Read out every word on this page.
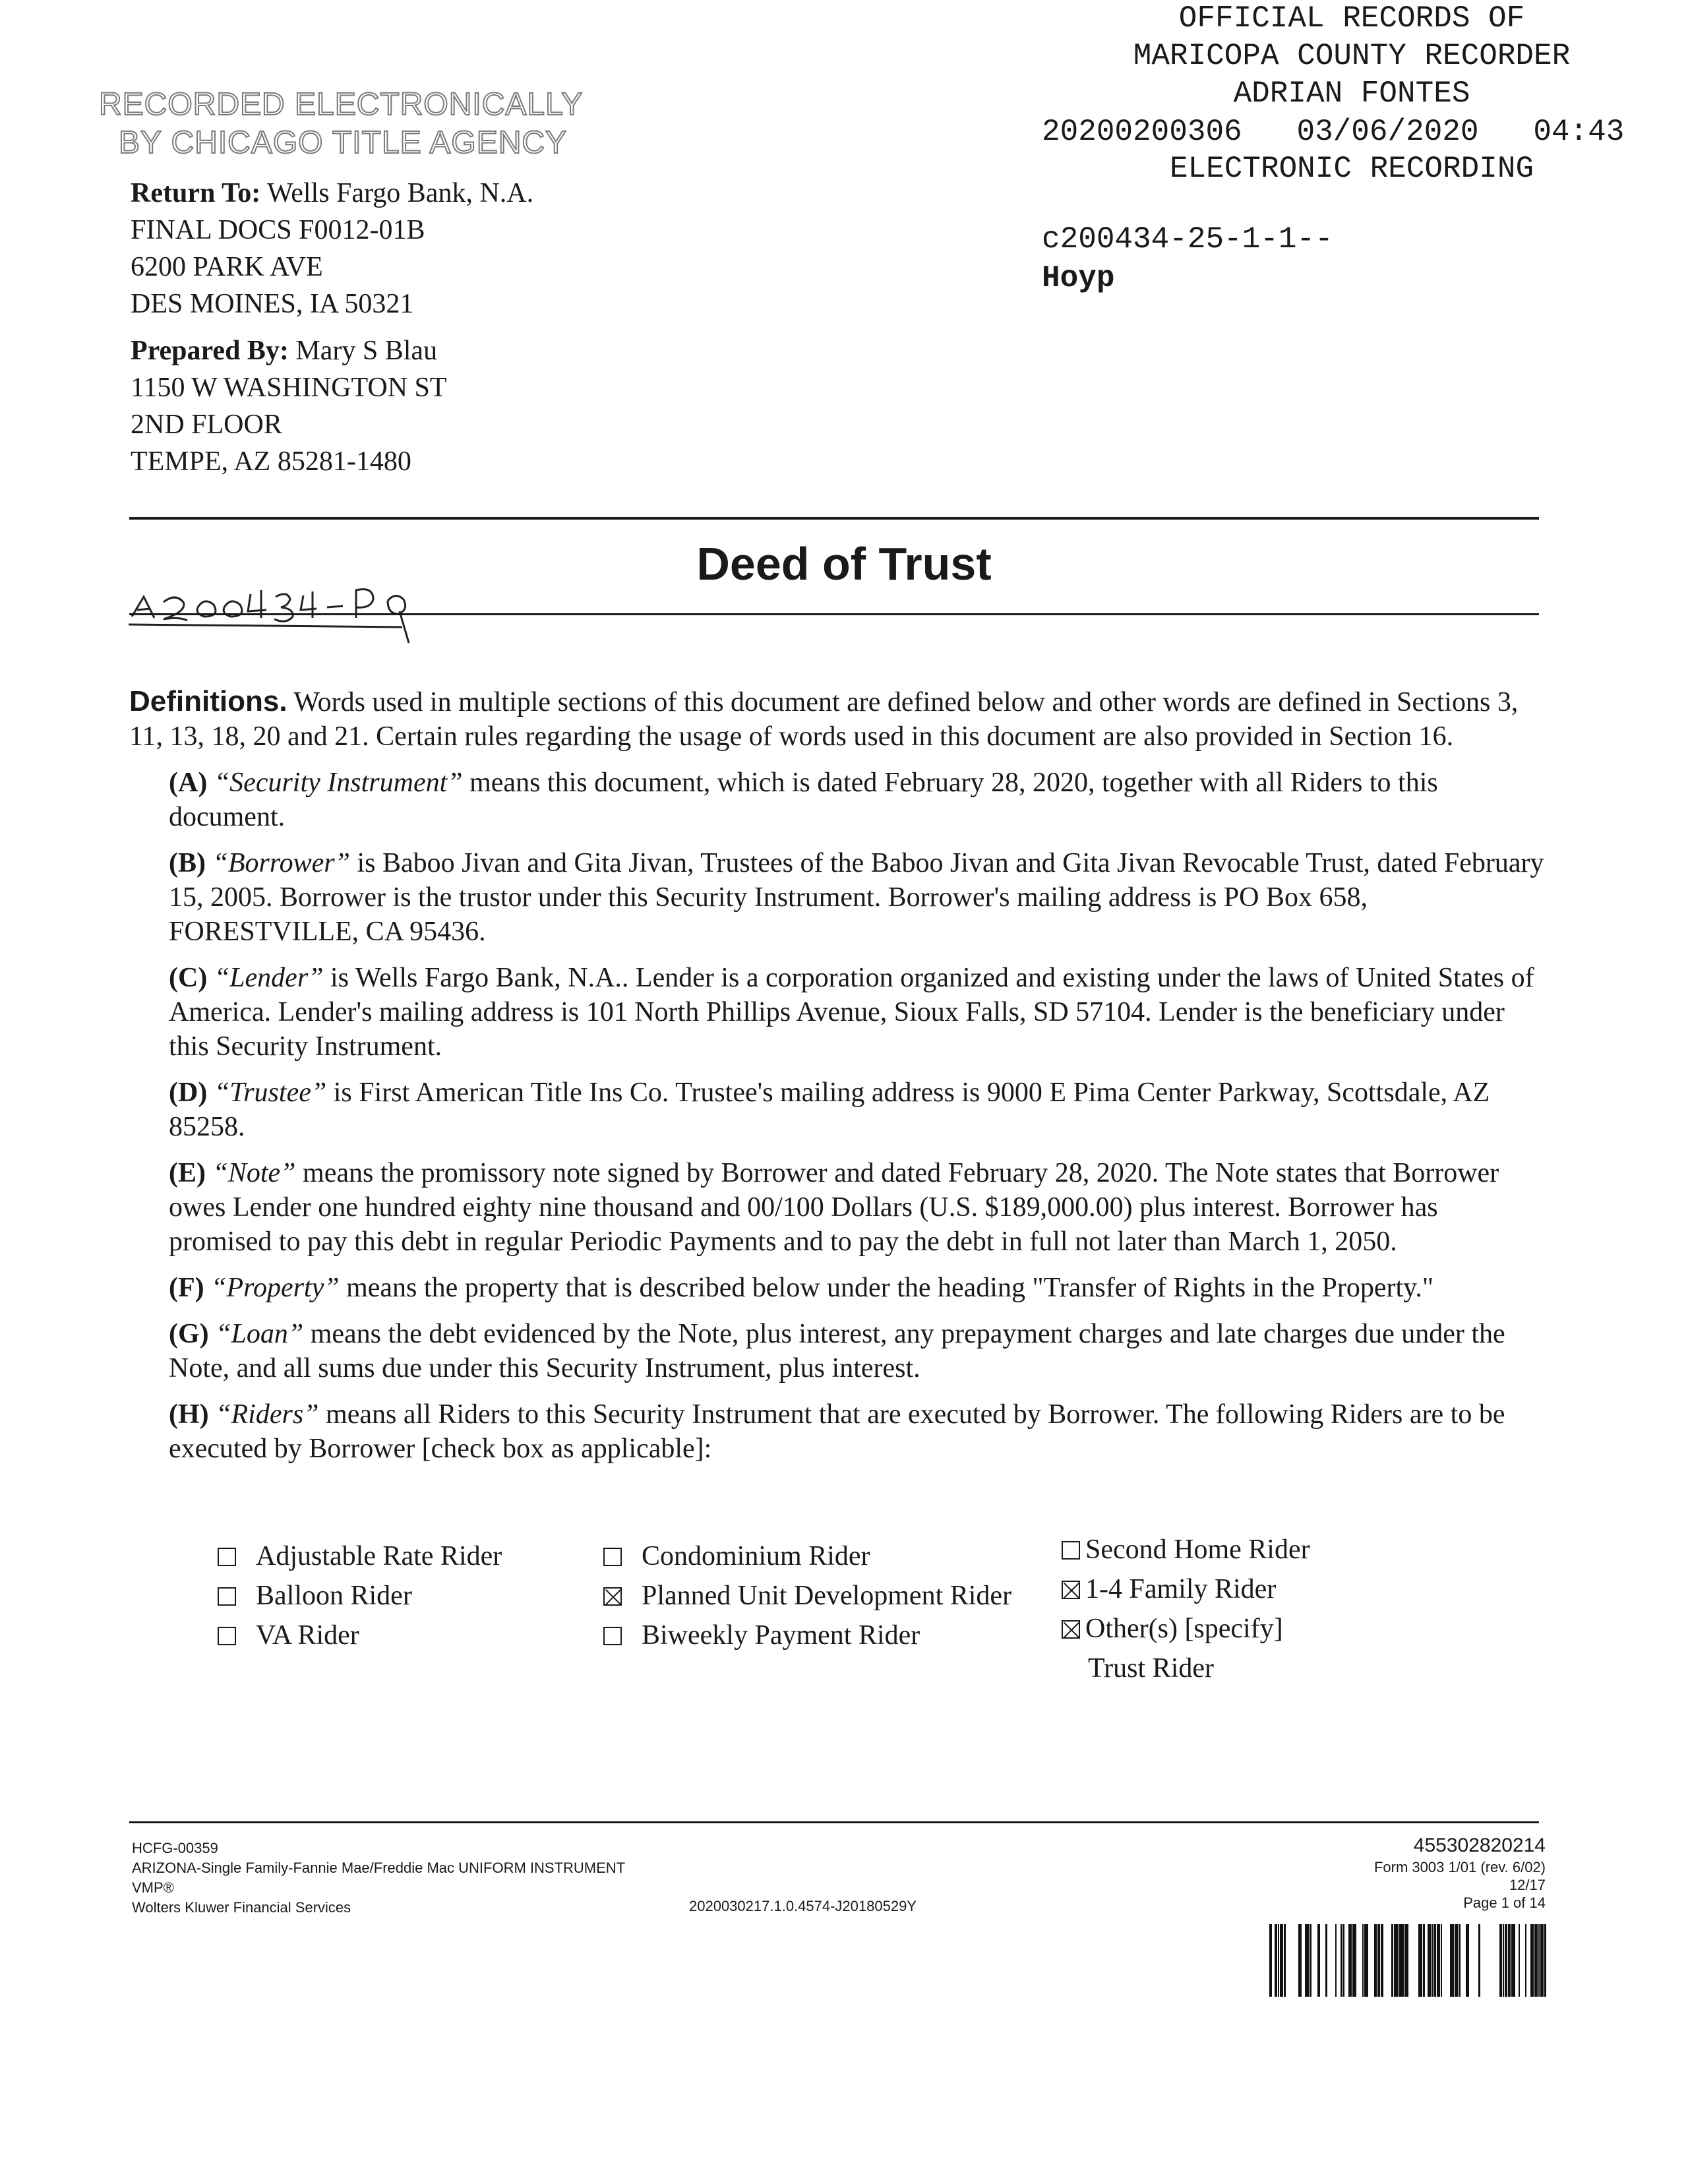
RECORDED ELECTRONICALLY
BY CHICAGO TITLE AGENCY
Return To: Wells Fargo Bank, N.A.
FINAL DOCS F0012-01B
6200 PARK AVE
DES MOINES, IA 50321
Prepared By: Mary S Blau
1150 W WASHINGTON ST
2ND FLOOR
TEMPE, AZ 85281-1480
OFFICIAL RECORDS OF
MARICOPA COUNTY RECORDER
ADRIAN FONTES
20200200306   03/06/2020   04:43
ELECTRONIC RECORDING
c200434-25-1-1--
Hoyp
Deed of Trust

Definitions. Words used in multiple sections of this document are defined below and other words are defined in Sections 3, 11, 13, 18, 20 and 21. Certain rules regarding the usage of words used in this document are also provided in Section 16.

(A) “Security Instrument” means this document, which is dated February 28, 2020, together with all Riders to this document.
(B) “Borrower” is Baboo Jivan and Gita Jivan, Trustees of the Baboo Jivan and Gita Jivan Revocable Trust, dated February 15, 2005. Borrower is the trustor under this Security Instrument. Borrower's mailing address is PO Box 658, FORESTVILLE, CA 95436.
(C) “Lender” is Wells Fargo Bank, N.A.. Lender is a corporation organized and existing under the laws of United States of America. Lender's mailing address is 101 North Phillips Avenue, Sioux Falls, SD 57104. Lender is the beneficiary under this Security Instrument.
(D) “Trustee” is First American Title Ins Co. Trustee's mailing address is 9000 E Pima Center Parkway, Scottsdale, AZ 85258.
(E) “Note” means the promissory note signed by Borrower and dated February 28, 2020. The Note states that Borrower owes Lender one hundred eighty nine thousand and 00/100 Dollars (U.S. $189,000.00) plus interest. Borrower has promised to pay this debt in regular Periodic Payments and to pay the debt in full not later than March 1, 2050.
(F) “Property” means the property that is described below under the heading "Transfer of Rights in the Property."
(G) “Loan” means the debt evidenced by the Note, plus interest, any prepayment charges and late charges due under the Note, and all sums due under this Security Instrument, plus interest.
(H) “Riders” means all Riders to this Security Instrument that are executed by Borrower. The following Riders are to be executed by Borrower [check box as applicable]:
Adjustable Rate Rider
Balloon Rider
VA Rider
Condominium Rider
Planned Unit Development Rider
Biweekly Payment Rider
Second Home Rider
1-4 Family Rider
Other(s) [specify]
Trust Rider
HCFG-00359
ARIZONA-Single Family-Fannie Mae/Freddie Mac UNIFORM INSTRUMENT
VMP®
Wolters Kluwer Financial Services	2020030217.1.0.4574-J20180529Y
455302820214
Form 3003 1/01 (rev. 6/02)
12/17
Page 1 of 14
